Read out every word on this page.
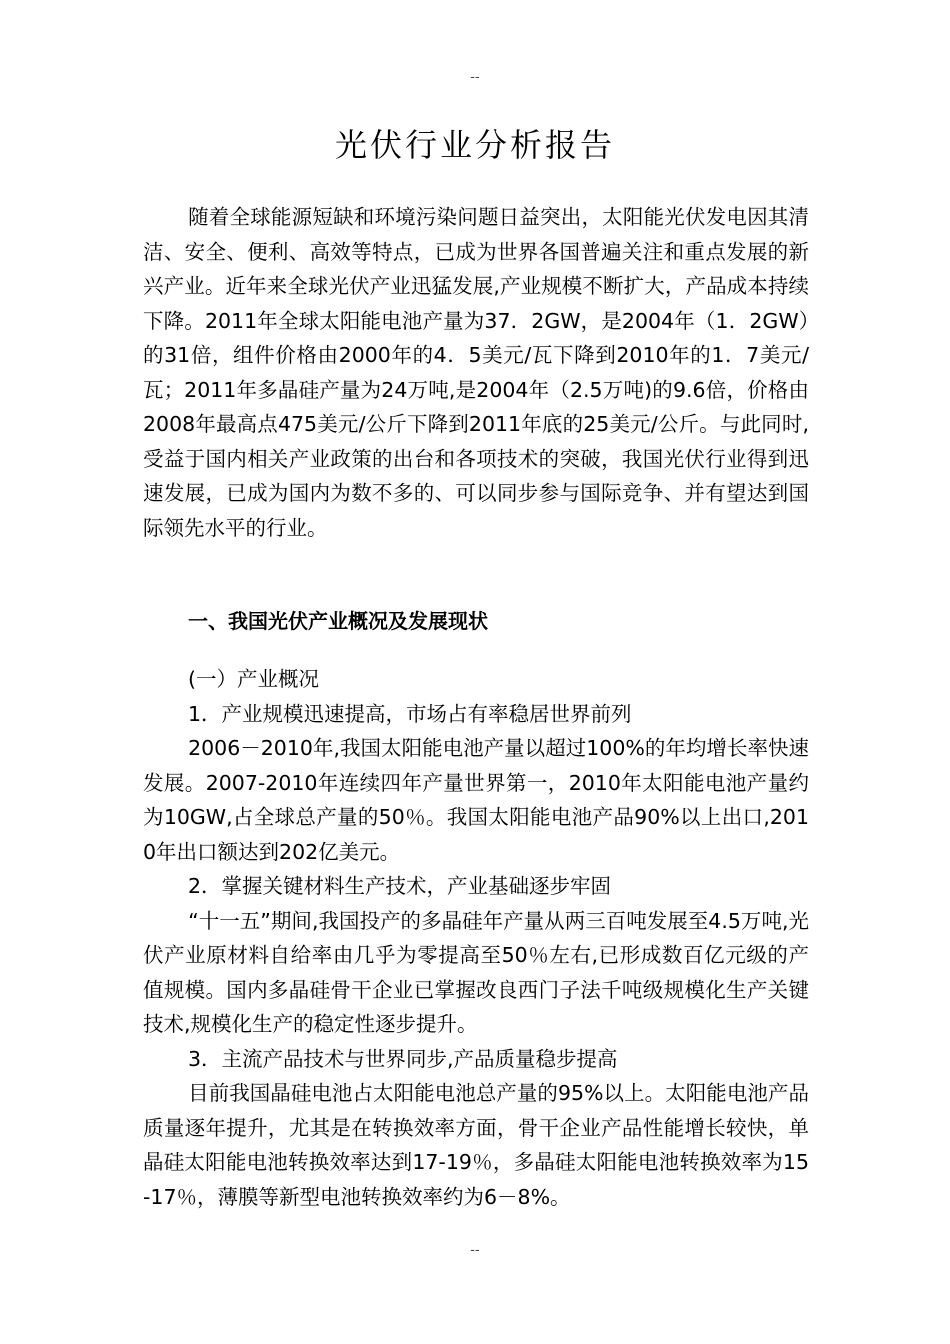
--
光伏行业分析报告

随着全球能源短缺和环境污染问题日益突出，太阳能光伏发电因其清洁、安全、便利、高效等特点，已成为世界各国普遍关注和重点发展的新兴产业。近年来全球光伏产业迅猛发展,产业规模不断扩大，产品成本持续下降。2011年全球太阳能电池产量为37．2GW，是2004年（1．2GW）的31倍，组件价格由2000年的4．5美元/瓦下降到2010年的1．7美元/瓦；2011年多晶硅产量为24万吨,是2004年（2.5万吨)的9.6倍，价格由2008年最高点475美元/公斤下降到2011年底的25美元/公斤。与此同时,受益于国内相关产业政策的出台和各项技术的突破，我国光伏行业得到迅速发展，已成为国内为数不多的、可以同步参与国际竞争、并有望达到国际领先水平的行业。

一、我国光伏产业概况及发展现状

(一）产业概况

1．产业规模迅速提高，市场占有率稳居世界前列

2006－2010年,我国太阳能电池产量以超过100%的年均增长率快速发展。2007-2010年连续四年产量世界第一，2010年太阳能电池产量约为10GW,占全球总产量的50％。我国太阳能电池产品90%以上出口,2010年出口额达到202亿美元。

2．掌握关键材料生产技术，产业基础逐步牢固

“十一五”期间,我国投产的多晶硅年产量从两三百吨发展至4.5万吨,光伏产业原材料自给率由几乎为零提高至50％左右,已形成数百亿元级的产值规模。国内多晶硅骨干企业已掌握改良西门子法千吨级规模化生产关键技术,规模化生产的稳定性逐步提升。

3．主流产品技术与世界同步,产品质量稳步提高

目前我国晶硅电池占太阳能电池总产量的95%以上。太阳能电池产品质量逐年提升，尤其是在转换效率方面，骨干企业产品性能增长较快，单晶硅太阳能电池转换效率达到17-19％，多晶硅太阳能电池转换效率为15-17％，薄膜等新型电池转换效率约为6－8%。

--
